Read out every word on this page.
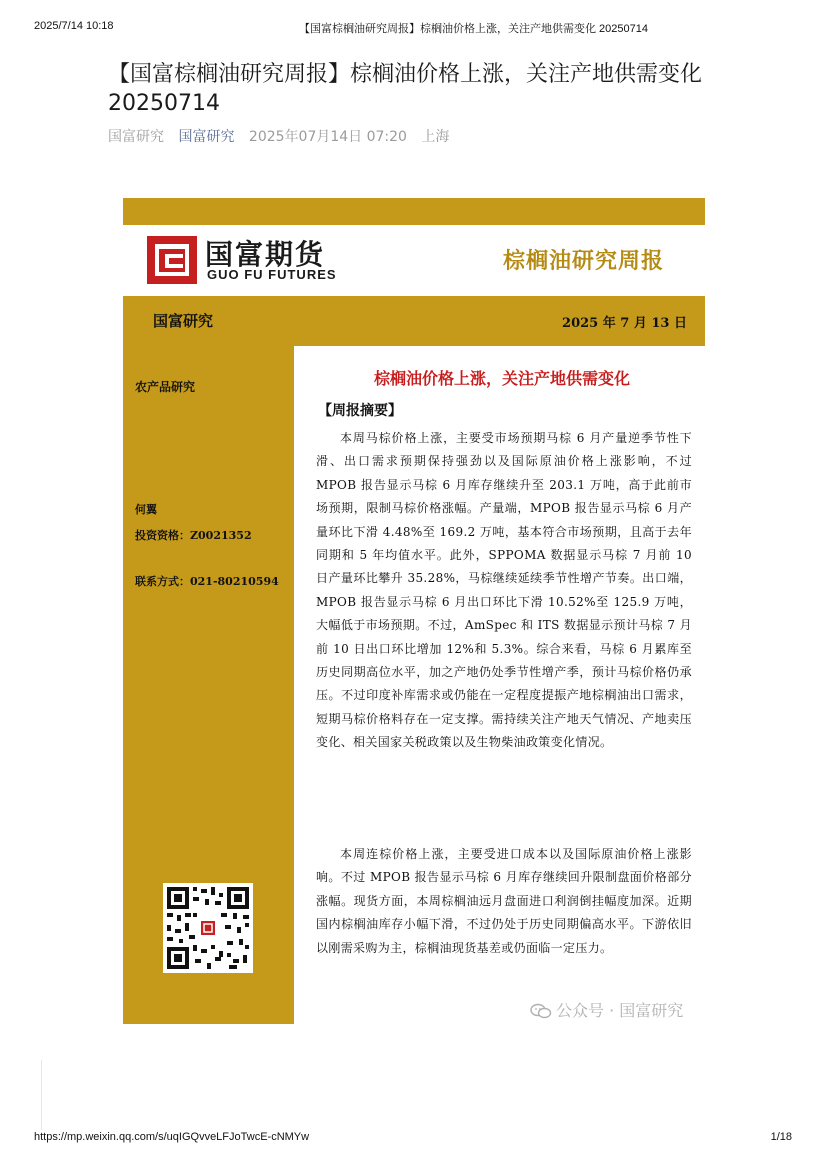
2025/7/14 10:18	【国富棕榈油研究周报】棕榈油价格上涨，关注产地供需变化 20250714
【国富棕榈油研究周报】棕榈油价格上涨，关注产地供需变化 20250714
国富研究 国富研究 2025年07月14日 07:20 上海
国富期货
GUO FU FUTURES
棕榈油研究周报
国富研究	2025 年 7 月 13 日
农产品研究
何翼
投资资格：Z0021352
联系方式：021-80210594
棕榈油价格上涨，关注产地供需变化
【周报摘要】
本周马棕价格上涨，主要受市场预期马棕 6 月产量逆季节性下滑、出口需求预期保持强劲以及国际原油价格上涨影响，不过 MPOB 报告显示马棕 6 月库存继续升至 203.1 万吨，高于此前市场预期，限制马棕价格涨幅。产量端，MPOB 报告显示马棕 6 月产量环比下滑 4.48%至 169.2 万吨，基本符合市场预期，且高于去年同期和 5 年均值水平。此外，SPPOMA 数据显示马棕 7 月前 10 日产量环比攀升 35.28%，马棕继续延续季节性增产节奏。出口端，MPOB 报告显示马棕 6 月出口环比下滑 10.52%至 125.9 万吨，大幅低于市场预期。不过，AmSpec 和 ITS 数据显示预计马棕 7 月前 10 日出口环比增加 12%和 5.3%。综合来看，马棕 6 月累库至历史同期高位水平，加之产地仍处季节性增产季，预计马棕价格仍承压。不过印度补库需求或仍能在一定程度提振产地棕榈油出口需求，短期马棕价格料存在一定支撑。需持续关注产地天气情况、产地卖压变化、相关国家关税政策以及生物柴油政策变化情况。
本周连棕价格上涨，主要受进口成本以及国际原油价格上涨影响。不过 MPOB 报告显示马棕 6 月库存继续回升限制盘面价格部分涨幅。现货方面，本周棕榈油远月盘面进口利润倒挂幅度加深。近期国内棕榈油库存小幅下滑，不过仍处于历史同期偏高水平。下游依旧以刚需采购为主，棕榈油现货基差或仍面临一定压力。
公众号 · 国富研究
https://mp.weixin.qq.com/s/uqIGQvveLFJoTwcE-cNMYw	1/18
